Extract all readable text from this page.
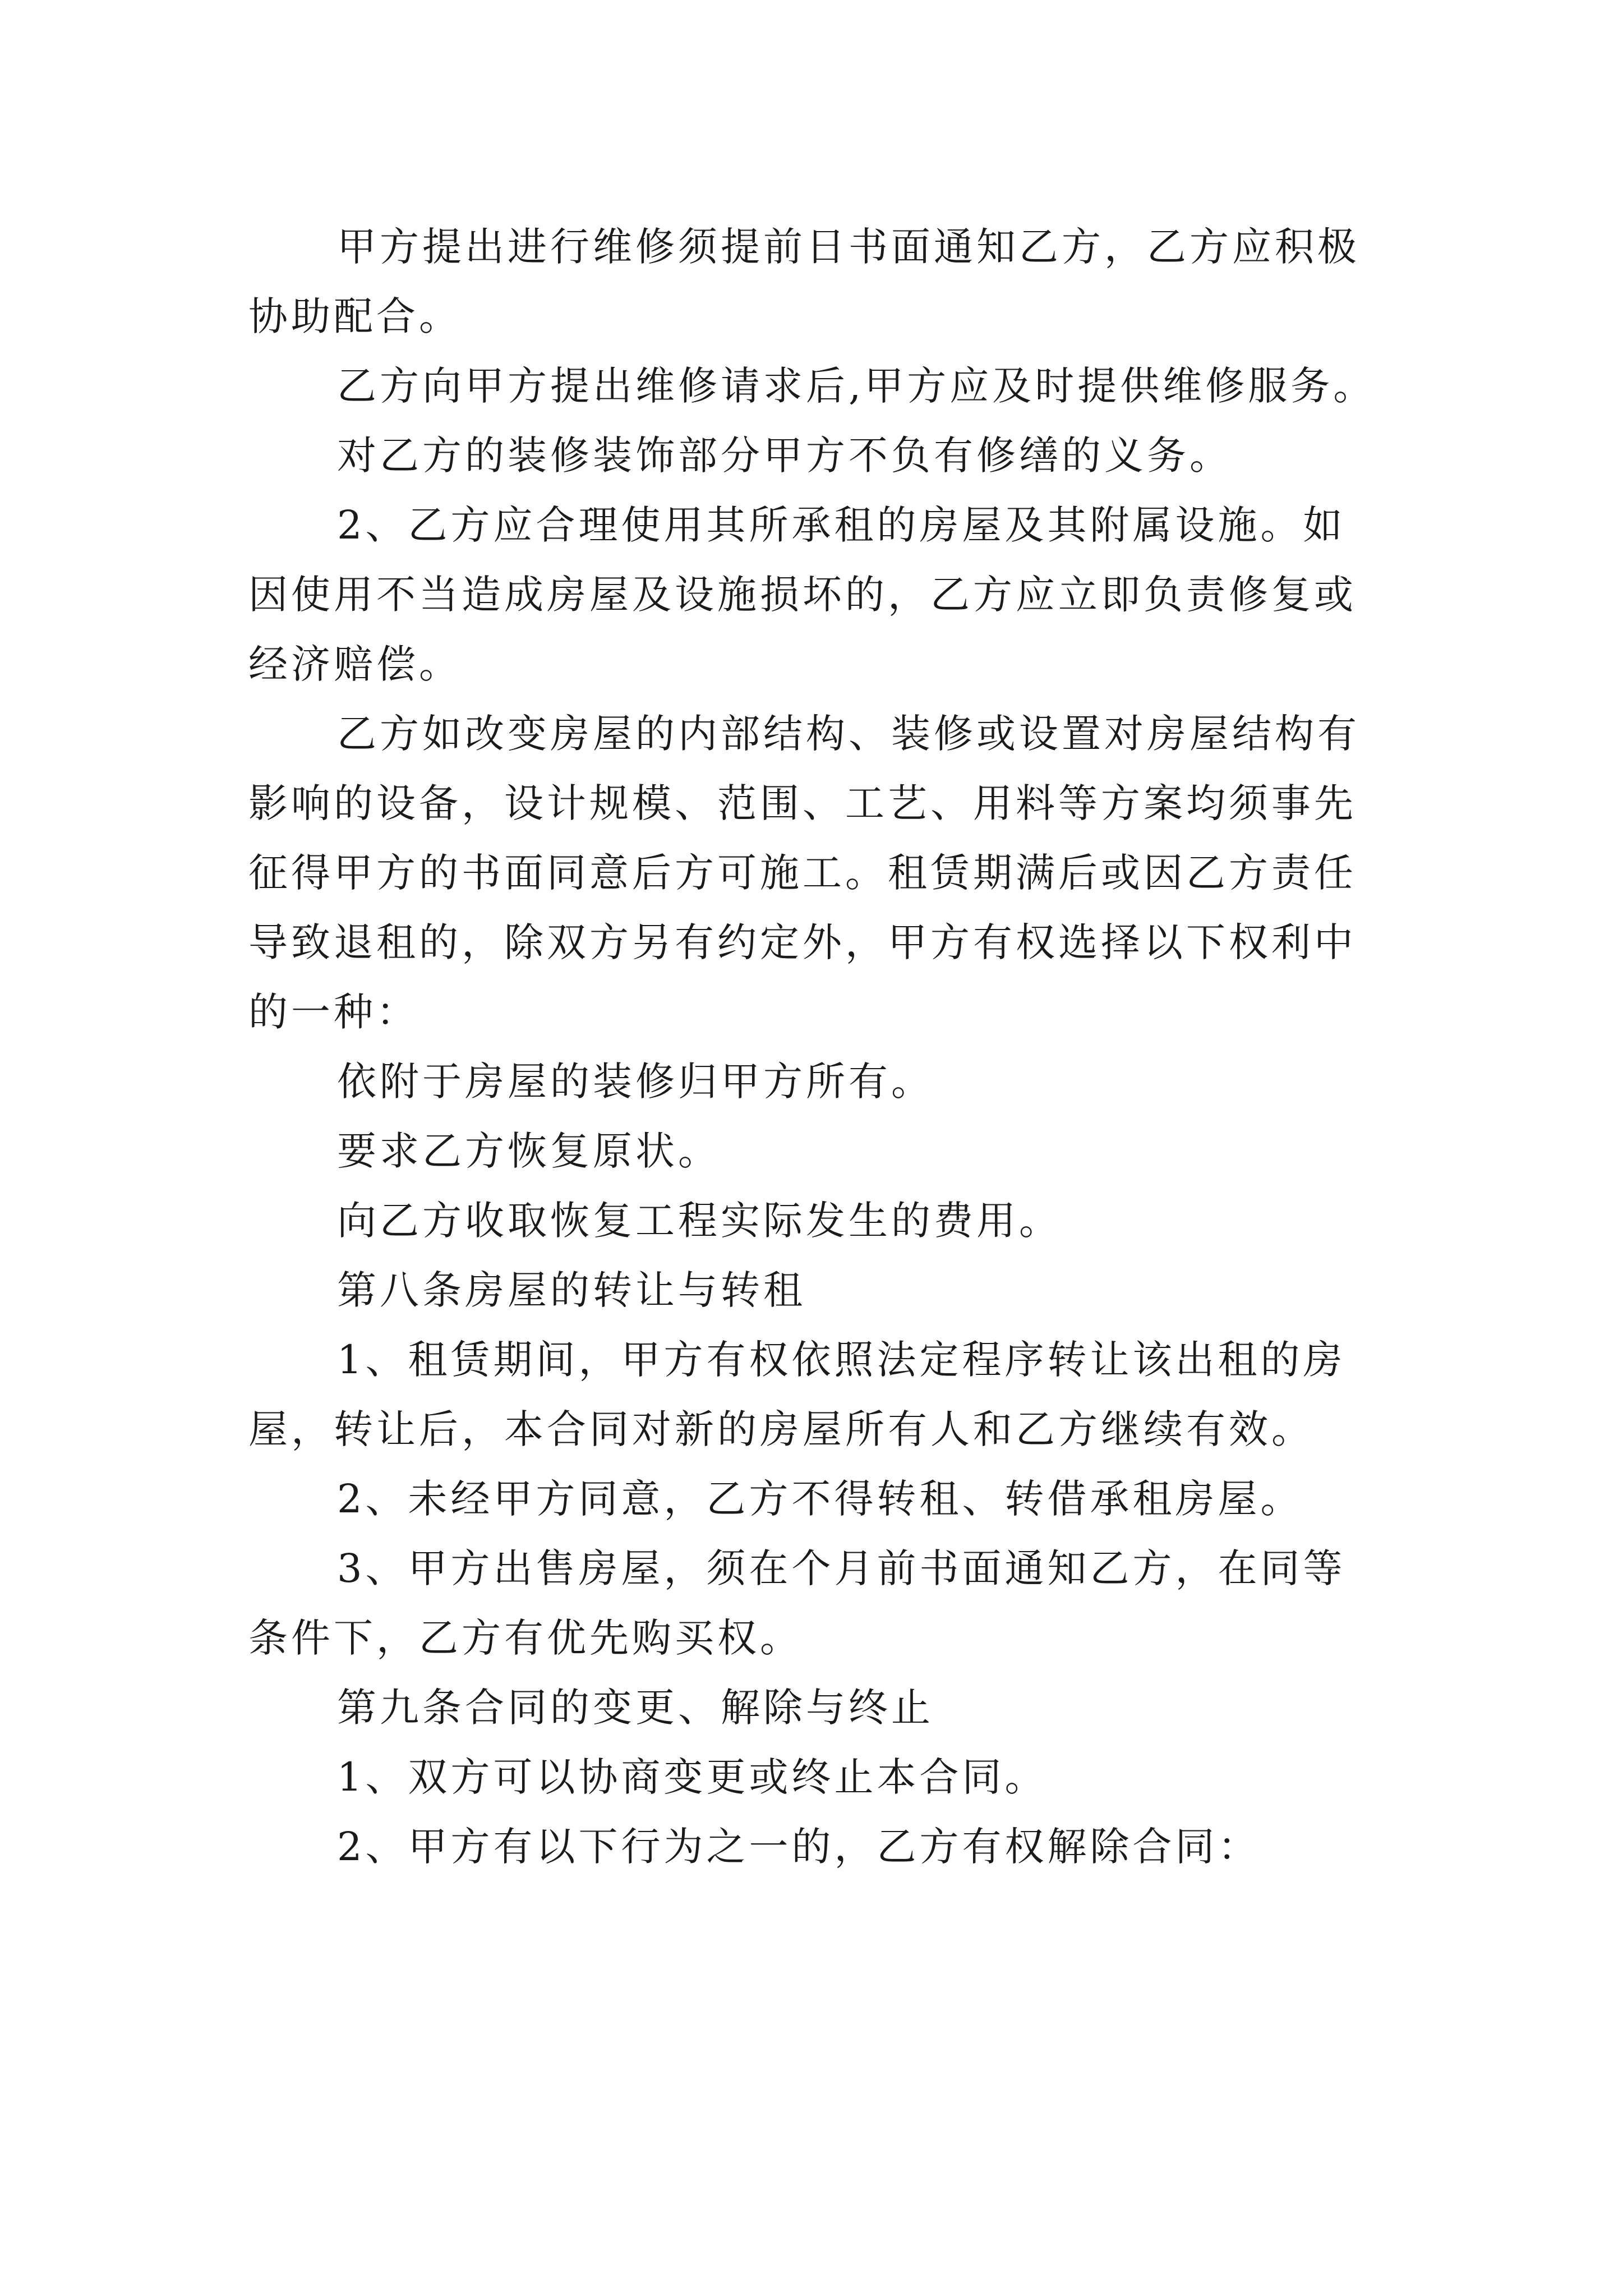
甲方提出进行维修须提前日书面通知乙方，乙方应积极
协助配合。
乙方向甲方提出维修请求后,甲方应及时提供维修服务。
对乙方的装修装饰部分甲方不负有修缮的义务。
2、乙方应合理使用其所承租的房屋及其附属设施。如
因使用不当造成房屋及设施损坏的，乙方应立即负责修复或
经济赔偿。
乙方如改变房屋的内部结构、装修或设置对房屋结构有
影响的设备，设计规模、范围、工艺、用料等方案均须事先
征得甲方的书面同意后方可施工。租赁期满后或因乙方责任
导致退租的，除双方另有约定外，甲方有权选择以下权利中
的一种：
依附于房屋的装修归甲方所有。
要求乙方恢复原状。
向乙方收取恢复工程实际发生的费用。
第八条房屋的转让与转租
1、租赁期间，甲方有权依照法定程序转让该出租的房
屋，转让后，本合同对新的房屋所有人和乙方继续有效。
2、未经甲方同意，乙方不得转租、转借承租房屋。
3、甲方出售房屋，须在个月前书面通知乙方，在同等
条件下，乙方有优先购买权。
第九条合同的变更、解除与终止
1、双方可以协商变更或终止本合同。
2、甲方有以下行为之一的，乙方有权解除合同：
